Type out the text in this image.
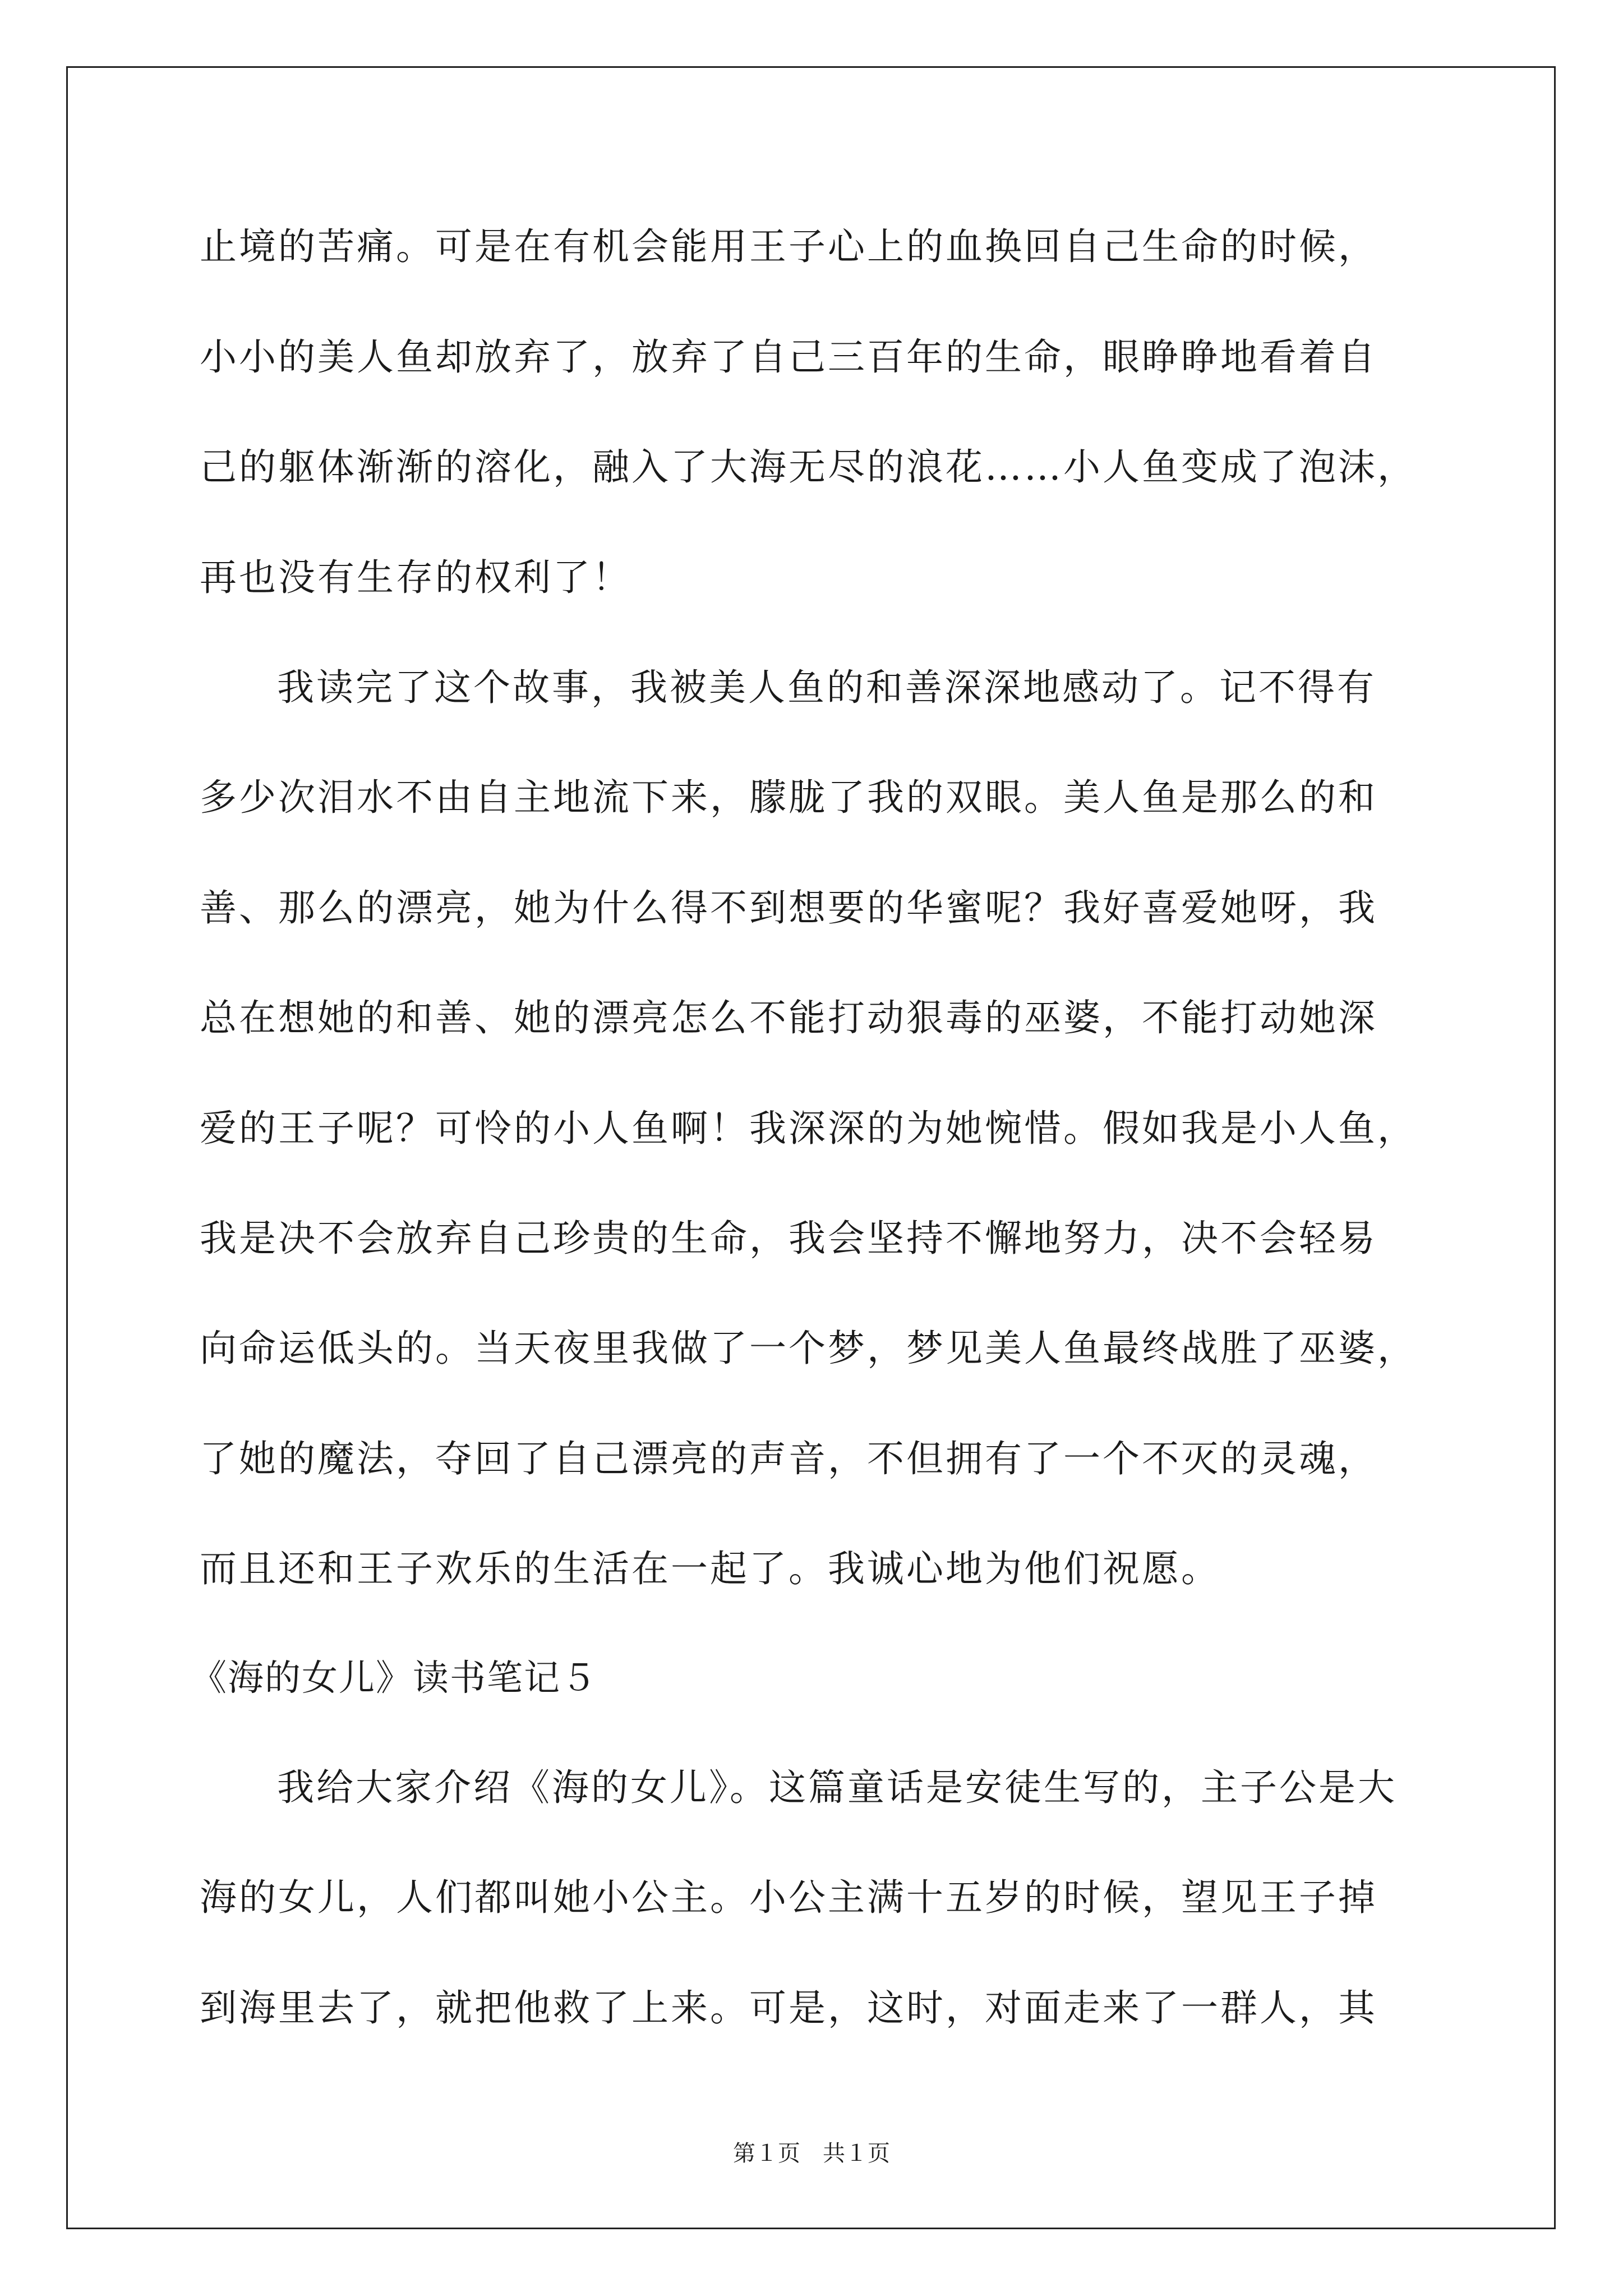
止境的苦痛。可是在有机会能用王子心上的血换回自己生命的时候，
小小的美人鱼却放弃了，放弃了自己三百年的生命，眼睁睁地看着自
己的躯体渐渐的溶化，融入了大海无尽的浪花……小人鱼变成了泡沫，
再也没有生存的权利了！
我读完了这个故事，我被美人鱼的和善深深地感动了。记不得有
多少次泪水不由自主地流下来，朦胧了我的双眼。美人鱼是那么的和
善、那么的漂亮，她为什么得不到想要的华蜜呢？我好喜爱她呀，我
总在想她的和善、她的漂亮怎么不能打动狠毒的巫婆，不能打动她深
爱的王子呢？可怜的小人鱼啊！我深深的为她惋惜。假如我是小人鱼，
我是决不会放弃自己珍贵的生命，我会坚持不懈地努力，决不会轻易
向命运低头的。当天夜里我做了一个梦，梦见美人鱼最终战胜了巫婆，
了她的魔法，夺回了自己漂亮的声音，不但拥有了一个不灭的灵魂，
而且还和王子欢乐的生活在一起了。我诚心地为他们祝愿。
《海的女儿》读书笔记５
我给大家介绍《海的女儿》。这篇童话是安徒生写的，主子公是大
海的女儿，人们都叫她小公主。小公主满十五岁的时候，望见王子掉
到海里去了，就把他救了上来。可是，这时，对面走来了一群人，其
第１页　共１页
